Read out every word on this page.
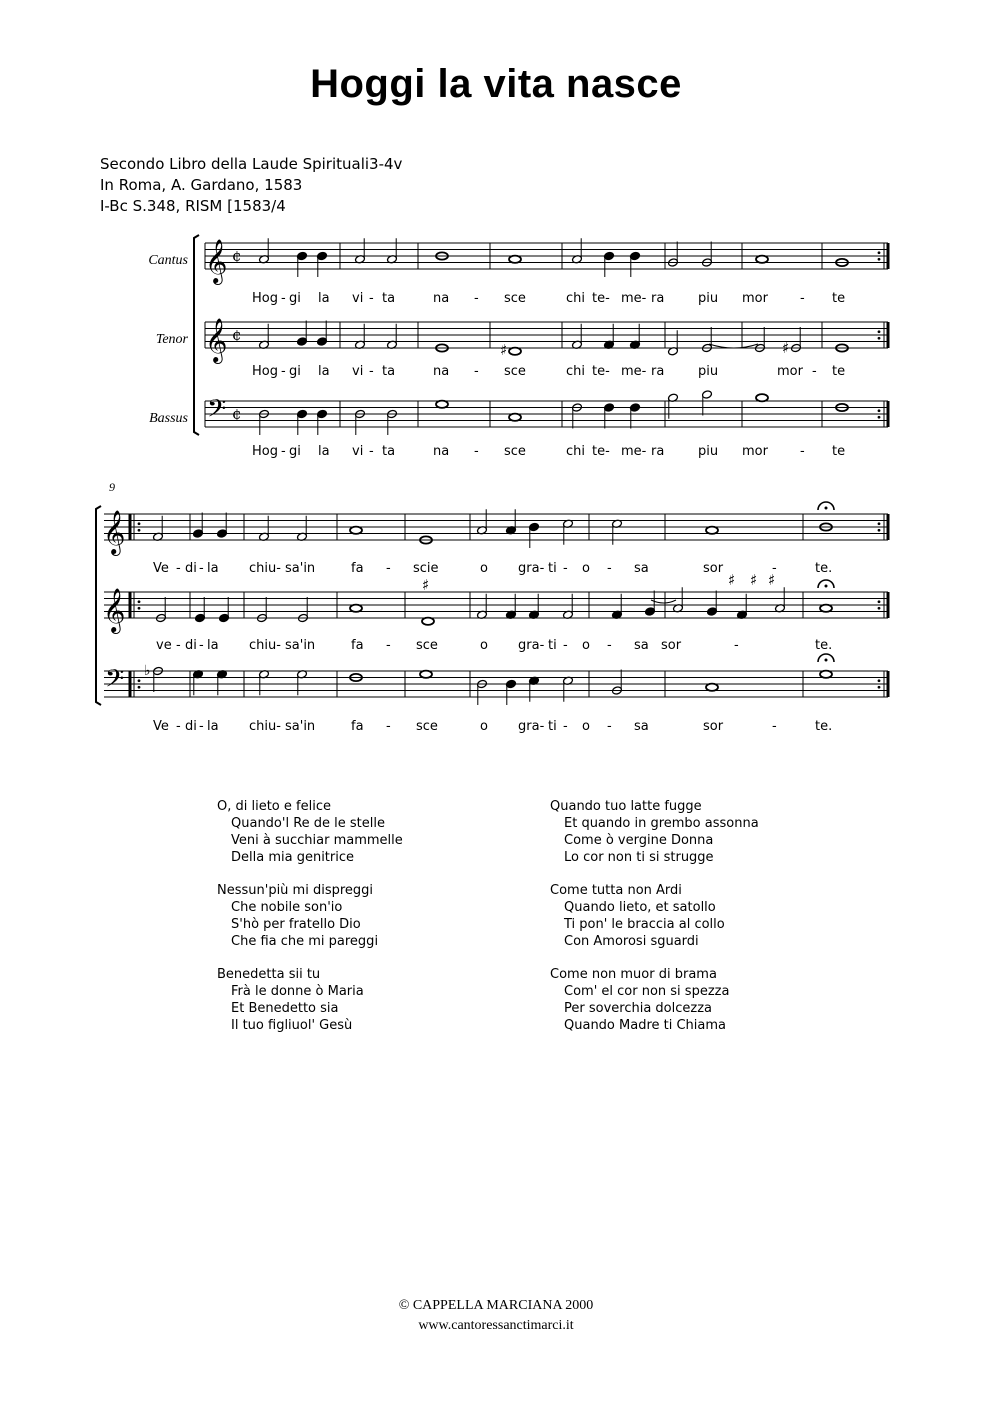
Hoggi la vita nasce
Secondo Libro della Laude Spirituali3-4v
In Roma, A. Gardano, 1583
I-Bc S.348, RISM [1583/4
𝄞 ¢
𝄞 ¢
𝄢 ¢
♯	♯
𝄞
𝄞
𝄢
♯	♯ ♯ ♯
♭
Cantus
Tenor
Bassus
9
Hog - gi la vi - ta	na - sce	chi te- me- ra	piu mor - te
Hog - gi la vi - ta	na - sce	chi te- me- ra	piu	mor - te
Hog - gi la vi - ta	na - sce	chi te- me- ra	piu mor - te
Ve - di - la chiu- sa'in	fa - scie	o gra- ti - o - sa	sor	-	te.
ve - di - la chiu- sa'in	fa - sce	o gra- ti - o - sa sor	-	te.
Ve - di - la chiu- sa'in	fa - sce	o gra- ti - o - sa	sor	-	te.
O, di lieto e felice
Quando'l Re de le stelle
Veni à succhiar mammelle
Della mia genitrice
Nessun'più mi dispreggi
Che nobile son'io
S'hò per fratello Dio
Che fia che mi pareggi
Benedetta sii tu
Frà le donne ò Maria
Et Benedetto sia
Il tuo figliuol' Gesù
Quando tuo latte fugge
Et quando in grembo assonna
Come ò vergine Donna
Lo cor non ti si strugge
Come tutta non Ardi
Quando lieto, et satollo
Ti pon' le braccia al collo
Con Amorosi sguardi
Come non muor di brama
Com' el cor non si spezza
Per soverchia dolcezza
Quando Madre ti Chiama
© CAPPELLA MARCIANA 2000
www.cantoressanctimarci.it
